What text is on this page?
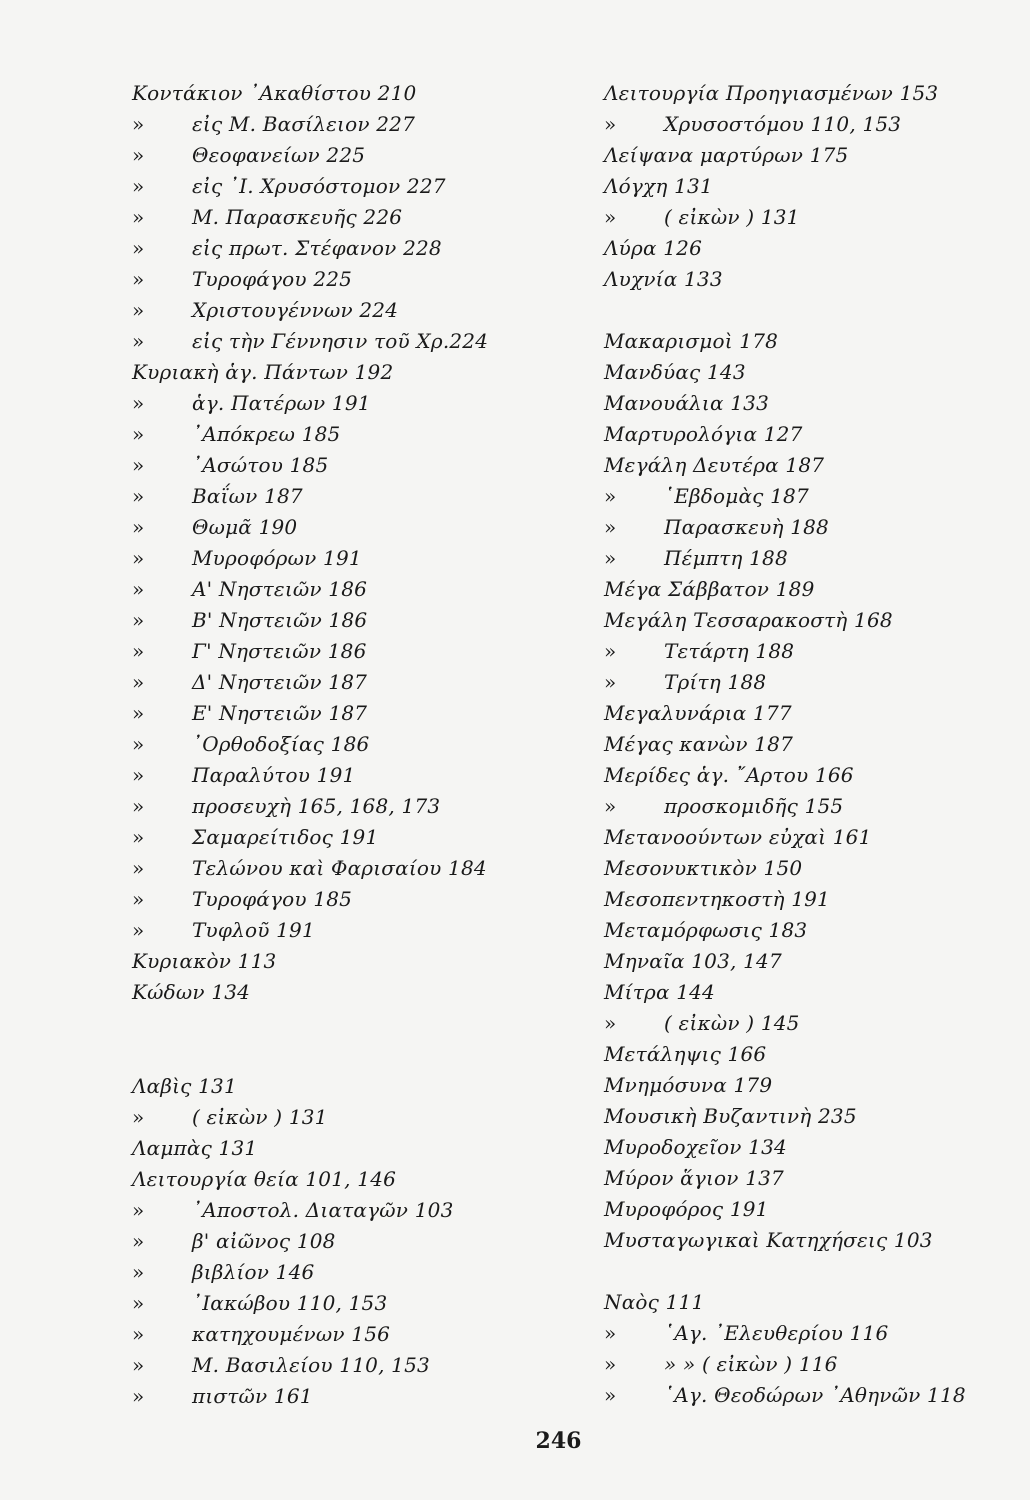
Κοντάκιον ᾿Ακαθίστου 210
» εἰς Μ. Βασίλειον 227
» Θεοφανείων 225
» εἰς ᾿Ι. Χρυσόστομον 227
» Μ. Παρασκευῆς 226
» εἰς πρωτ. Στέφανον 228
» Τυροφάγου 225
» Χριστουγέννων 224
» εἰς τὴν Γέννησιν τοῦ Χρ.224
Κυριακὴ ἁγ. Πάντων 192
» ἁγ. Πατέρων 191
» ᾿Απόκρεω 185
» ᾿Ασώτου 185
» Βαΐων 187
» Θωμᾶ 190
» Μυροφόρων 191
» Α' Νηστειῶν 186
» Β' Νηστειῶν 186
» Γ' Νηστειῶν 186
» Δ' Νηστειῶν 187
» Ε' Νηστειῶν 187
» ᾿Ορθοδοξίας 186
» Παραλύτου 191
» προσευχὴ 165, 168, 173
» Σαμαρείτιδος 191
» Τελώνου καὶ Φαρισαίου 184
» Τυροφάγου 185
» Τυφλοῦ 191
Κυριακὸν 113
Κώδων 134
Λαβὶς 131
» ( εἰκὼν ) 131
Λαμπὰς 131
Λειτουργία θεία 101, 146
» ᾿Αποστολ. Διαταγῶν 103
» β' αἰῶνος 108
» βιβλίον 146
» ᾿Ιακώβου 110, 153
» κατηχουμένων 156
» Μ. Βασιλείου 110, 153
» πιστῶν 161
Λειτουργία Προηγιασμένων 153
» Χρυσοστόμου 110, 153
Λείψανα μαρτύρων 175
Λόγχη 131
» ( εἰκὼν ) 131
Λύρα 126
Λυχνία 133
Μακαρισμοὶ 178
Μανδύας 143
Μανουάλια 133
Μαρτυρολόγια 127
Μεγάλη Δευτέρα 187
» ῾Εβδομὰς 187
» Παρασκευὴ 188
» Πέμπτη 188
Μέγα Σάββατον 189
Μεγάλη Τεσσαρακοστὴ 168
» Τετάρτη 188
» Τρίτη 188
Μεγαλυνάρια 177
Μέγας κανὼν 187
Μερίδες ἁγ. ῎Αρτου 166
» προσκομιδῆς 155
Μετανοούντων εὐχαὶ 161
Μεσονυκτικὸν 150
Μεσοπεντηκοστὴ 191
Μεταμόρφωσις 183
Μηναῖα 103, 147
Μίτρα 144
» ( εἰκὼν ) 145
Μετάληψις 166
Μνημόσυνα 179
Μουσικὴ Βυζαντινὴ 235
Μυροδοχεῖον 134
Μύρον ἅγιον 137
Μυροφόρος 191
Μυσταγωγικαὶ Κατηχήσεις 103
Ναὸς 111
» ῾Αγ. ᾿Ελευθερίου 116
» » » ( εἰκὼν ) 116
» ῾Αγ. Θεοδώρων ᾿Αθηνῶν 118
246
